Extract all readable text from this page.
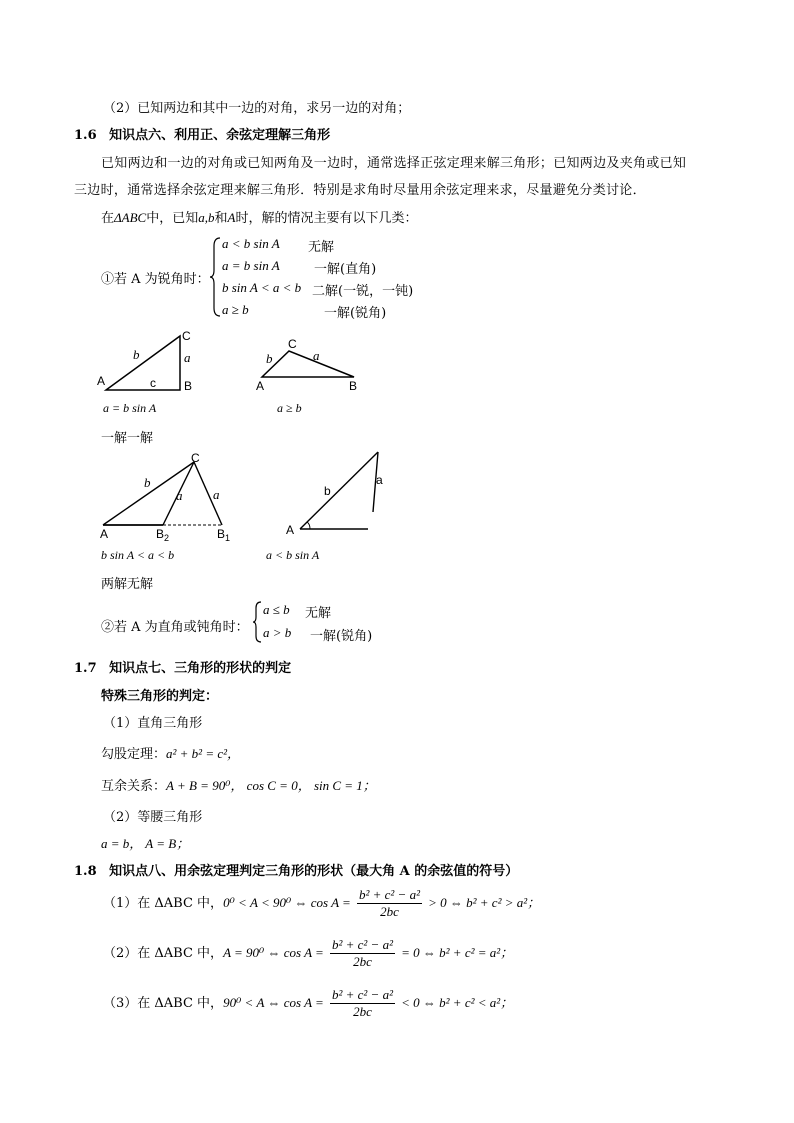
（2）已知两边和其中一边的对角，求另一边的对角；
1.6 知识点六、利用正、余弦定理解三角形
已知两边和一边的对角或已知两角及一边时，通常选择正弦定理来解三角形；已知两边及夹角或已知
三边时，通常选择余弦定理来解三角形．特别是求角时尽量用余弦定理来求，尽量避免分类讨论．
在ΔABC中，已知a,b和A时，解的情况主要有以下几类：
①若 A 为锐角时：
a < b sin A 无解
a = b sin A	一解(直角)
b sin A < a < b 二解(一锐，一钝)
a ≥ b	一解(锐角)
A	B
C
b	a
c	A	B
C
b	a
a = b sin A	a ≥ b
一解一解
A	$B_2$	$B_1$
C
b
a a
A
b
a
b sin A < a < b	a < b sin A
两解无解
②若 A 为直角或钝角时：
a ≤ b 无解
a > b 一解(锐角)
1.7 知识点七、三角形的形状的判定
特殊三角形的判定：
（1）直角三角形
勾股定理：a² + b² = c²，
互余关系：A + B = 90⁰， cos C = 0， sin C = 1；
（2）等腰三角形
a = b， A = B；
1.8 知识点八、用余弦定理判定三角形的形状（最大角 A 的余弦值的符号）
（1）在 ΔABC 中，0⁰ < A < 90⁰ ⇔ $\cos A = \frac{\text{b² + c² − a²}}{2bc} > 0$ ⇔ b² + c² > a²；
（2）在 ΔABC 中，A = 90⁰ ⇔ $\cos A = \frac{\text{b² + c² − a²}}{2bc} = 0$ ⇔ b² + c² = a²；
（3）在 ΔABC 中，90⁰ < A ⇔ $\cos A = \frac{\text{b² + c² − a²}}{2bc} < 0$ ⇔ b² + c² < a²；
